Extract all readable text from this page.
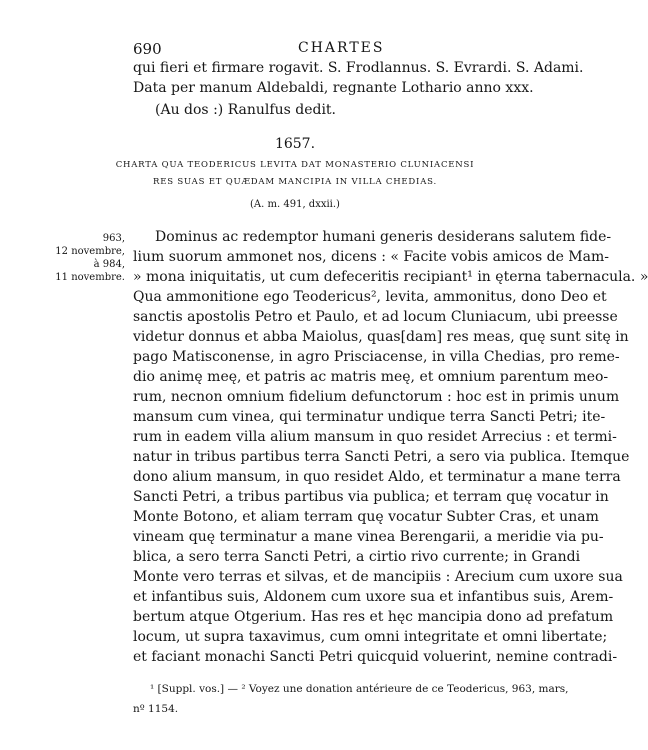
690	CHARTES
qui fieri et firmare rogavit. S. Frodlannus. S. Evrardi. S. Adami.
Data per manum Aldebaldi, regnante Lothario anno xxx.
(Au dos :) Ranulfus dedit.
1657.
CHARTA QUA TEODERICUS LEVITA DAT MONASTERIO CLUNIACENSI
RES SUAS ET QUÆDAM MANCIPIA IN VILLA CHEDIAS.
(A. m. 491, dxxii.)
963,
12 novembre,
à 984,
11 novembre.
Dominus ac redemptor humani generis desiderans salutem fide-
lium suorum ammonet nos, dicens : « Facite vobis amicos de Mam-
» mona iniquitatis, ut cum defeceritis recipiant¹ in ęterna tabernacula. »
Qua ammonitione ego Teodericus², levita, ammonitus, dono Deo et
sanctis apostolis Petro et Paulo, et ad locum Cluniacum, ubi preesse
videtur donnus et abba Maiolus, quas[dam] res meas, quę sunt sitę in
pago Matisconense, in agro Prisciacense, in villa Chedias, pro reme-
dio animę meę, et patris ac matris meę, et omnium parentum meo-
rum, necnon omnium fidelium defunctorum : hoc est in primis unum
mansum cum vinea, qui terminatur undique terra Sancti Petri; ite-
rum in eadem villa alium mansum in quo residet Arrecius : et termi-
natur in tribus partibus terra Sancti Petri, a sero via publica. Itemque
dono alium mansum, in quo residet Aldo, et terminatur a mane terra
Sancti Petri, a tribus partibus via publica; et terram quę vocatur in
Monte Botono, et aliam terram quę vocatur Subter Cras, et unam
vineam quę terminatur a mane vinea Berengarii, a meridie via pu-
blica, a sero terra Sancti Petri, a cirtio rivo currente; in Grandi
Monte vero terras et silvas, et de mancipiis : Arecium cum uxore sua
et infantibus suis, Aldonem cum uxore sua et infantibus suis, Arem-
bertum atque Otgerium. Has res et hęc mancipia dono ad prefatum
locum, ut supra taxavimus, cum omni integritate et omni libertate;
et faciant monachi Sancti Petri quicquid voluerint, nemine contradi-
¹ [Suppl. vos.] — ² Voyez une donation antérieure de ce Teodericus, 963, mars,
nº 1154.
